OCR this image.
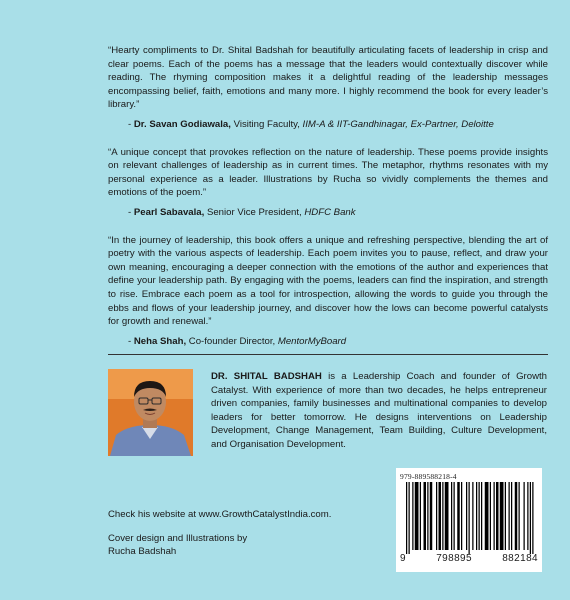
“Hearty compliments to Dr. Shital Badshah for beautifully articulating facets of leadership in crisp and clear poems. Each of the poems has a message that the leaders would contextually discover while reading. The rhyming composition makes it a delightful reading of the leadership messages encompassing belief, faith, emotions and many more. I highly recommend the book for every leader’s library.”

- Dr. Savan Godiawala, Visiting Faculty, IIM-A & IIT-Gandhinagar, Ex-Partner, Deloitte

“A unique concept that provokes reflection on the nature of leadership. These poems provide insights on relevant challenges of leadership as in current times. The metaphor, rhythms resonates with my personal experience as a leader. Illustrations by Rucha so vividly complements the themes and emotions of the poem.”

- Pearl Sabavala, Senior Vice President, HDFC Bank

“In the journey of leadership, this book offers a unique and refreshing perspective, blending the art of poetry with the various aspects of leadership. Each poem invites you to pause, reflect, and draw your own meaning, encouraging a deeper connection with the emotions of the author and experiences that define your leadership path. By engaging with the poems, leaders can find the inspiration, and strength to rise. Embrace each poem as a tool for introspection, allowing the words to guide you through the ebbs and flows of your leadership journey, and discover how the lows can become powerful catalysts for growth and renewal.”

- Neha Shah, Co-founder Director, MentorMyBoard

DR. SHITAL BADSHAH is a Leadership Coach and founder of Growth Catalyst. With experience of more than two decades, he helps entrepreneur driven companies, family businesses and multinational companies to develop leaders for better tomorrow. He designs interventions on Leadership Development, Change Management, Team Building, Culture Development, and Organisation Development.

Check his website at www.GrowthCatalystIndia.com.
Cover design and Illustrations by
Rucha Badshah
979-889588218-4
9	798895	882184
